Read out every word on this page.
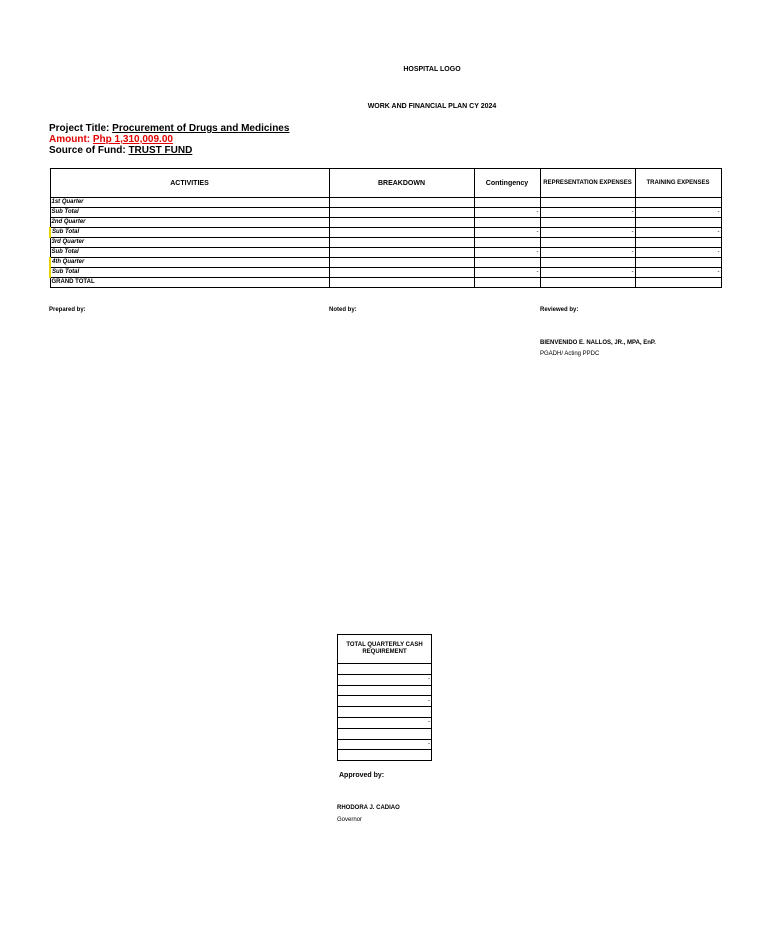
HOSPITAL LOGO
WORK AND FINANCIAL PLAN CY 2024
Project Title: Procurement of Drugs and Medicines
Amount: Php 1,310,009.00
Source of Fund: TRUST FUND
ACTIVITIES	BREAKDOWN	Contingency	REPRESENTATION EXPENSES	TRAINING EXPENSES
1st Quarter				
Sub Total		-	-	-
2nd Quarter				
Sub Total		-	-	-
3rd Quarter				
Sub Total		-	-	-
4th Quarter				
Sub Total		-	-	-
GRAND TOTAL				
Prepared by:	Noted by:	Reviewed by:
BIENVENIDO E. NALLOS, JR., MPA, EnP.
PGADH/ Acting PPDC
TOTAL QUARTERLY CASH REQUIREMENT

-

-

-

-

Approved by:
RHODORA J. CADIAO
Governor
